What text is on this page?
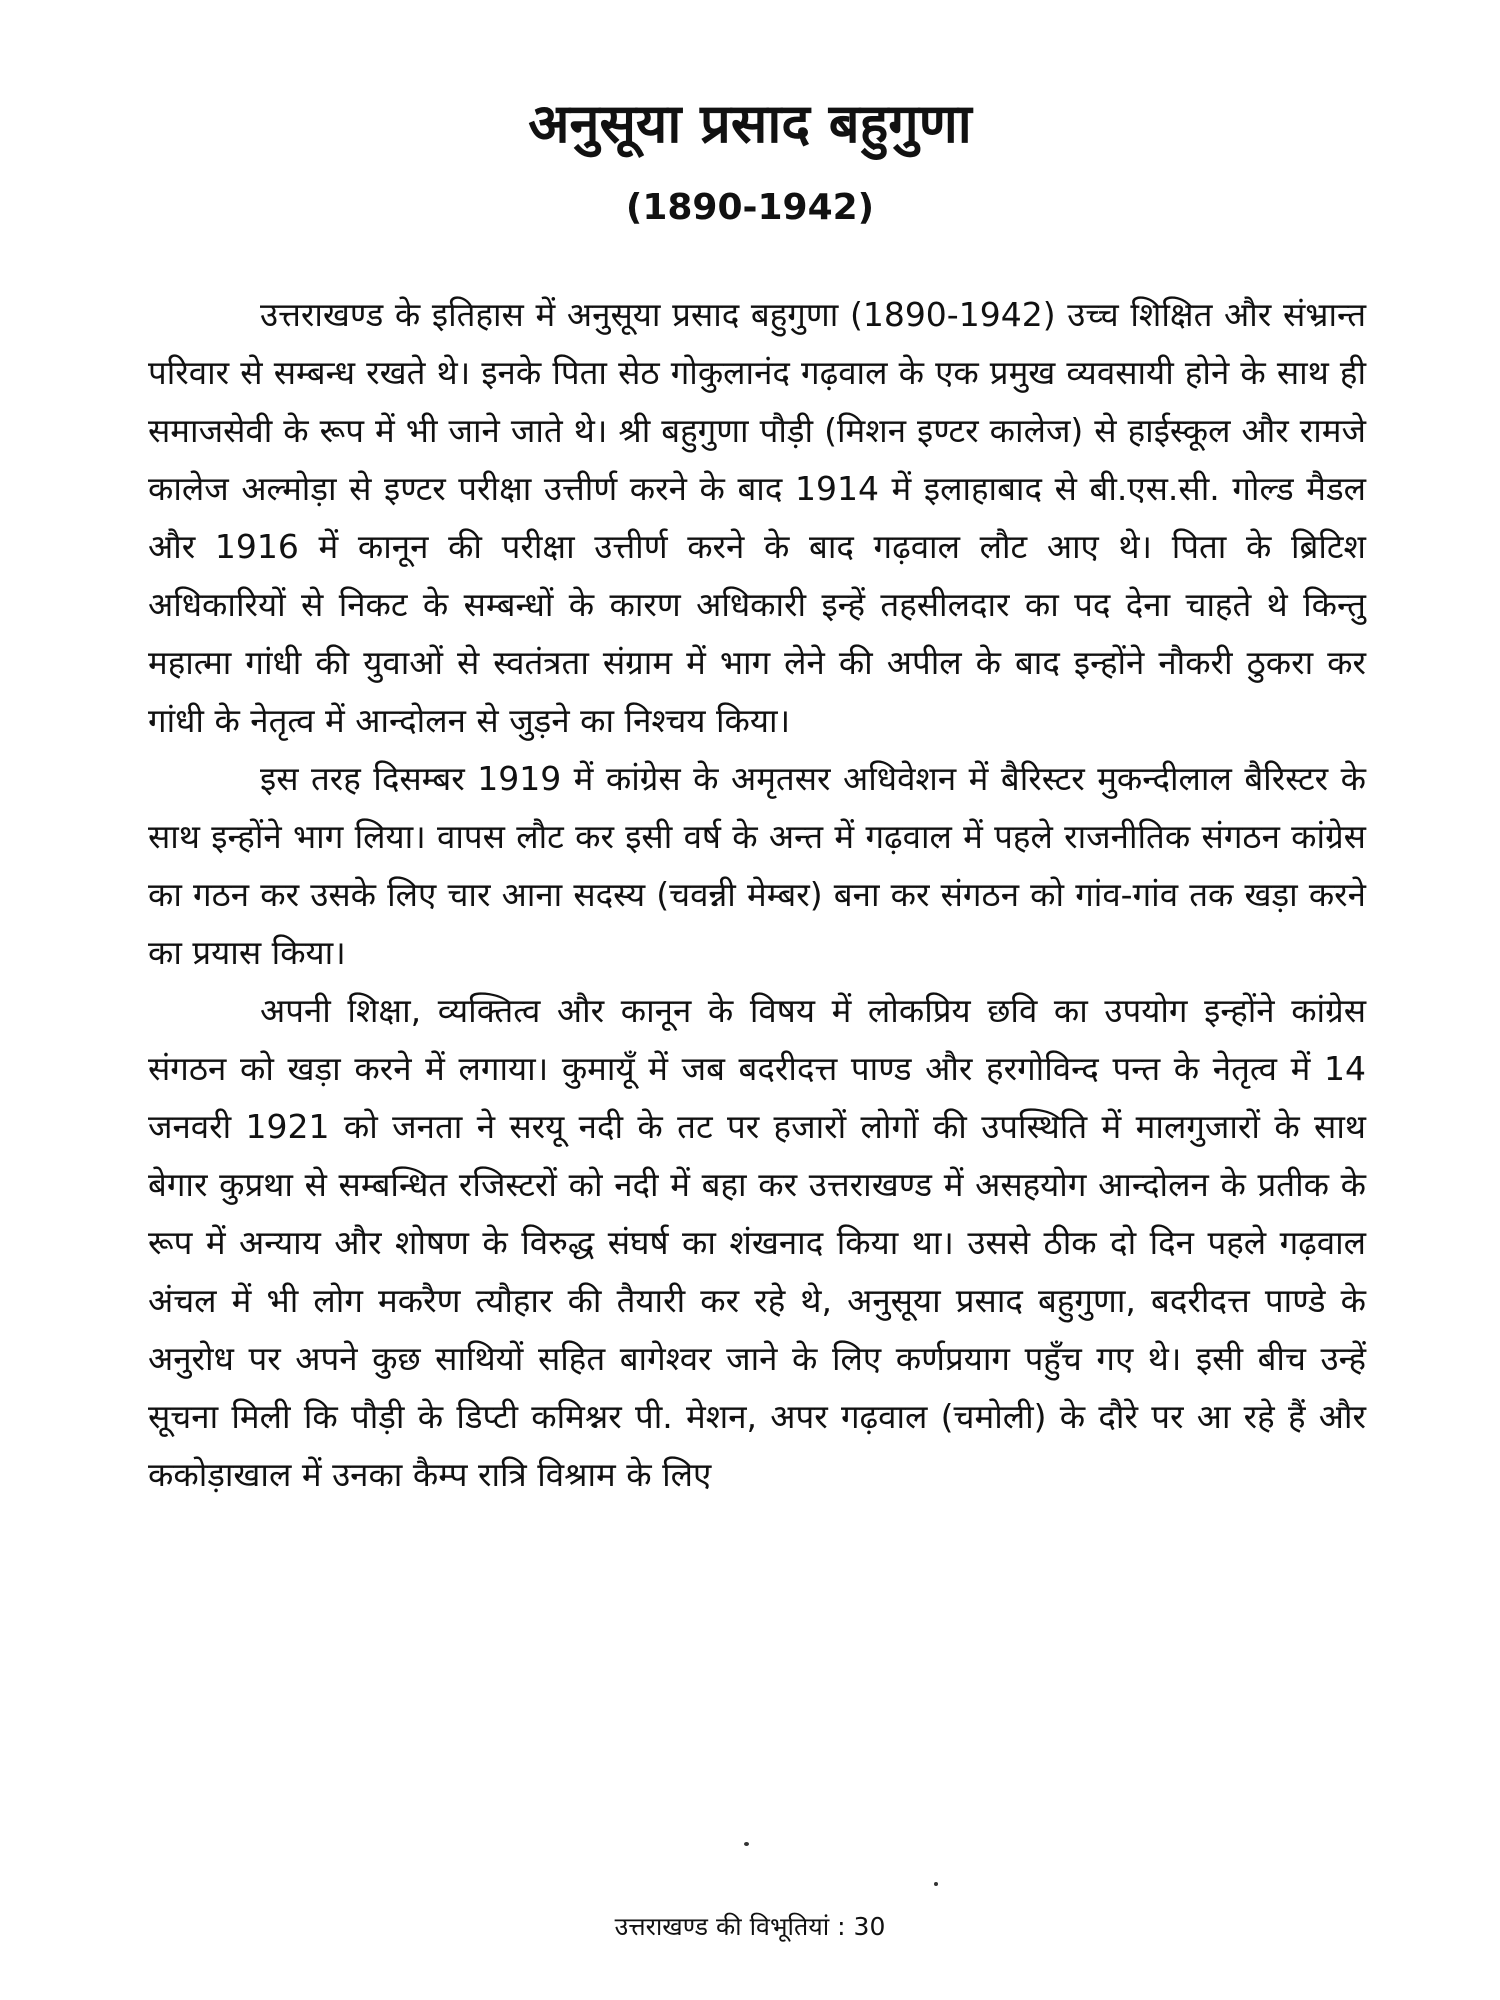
अनुसूया प्रसाद बहुगुणा
(1890-1942)

उत्तराखण्ड के इतिहास में अनुसूया प्रसाद बहुगुणा (1890-1942) उच्च शिक्षित और संभ्रान्त परिवार से सम्बन्ध रखते थे। इनके पिता सेठ गोकुलानंद गढ़वाल के एक प्रमुख व्यवसायी होने के साथ ही समाजसेवी के रूप में भी जाने जाते थे। श्री बहुगुणा पौड़ी (मिशन इण्टर कालेज) से हाईस्कूल और रामजे कालेज अल्मोड़ा से इण्टर परीक्षा उत्तीर्ण करने के बाद 1914 में इलाहाबाद से बी.एस.सी. गोल्ड मैडल और 1916 में कानून की परीक्षा उत्तीर्ण करने के बाद गढ़वाल लौट आए थे। पिता के ब्रिटिश अधिकारियों से निकट के सम्बन्धों के कारण अधिकारी इन्हें तहसीलदार का पद देना चाहते थे किन्तु महात्मा गांधी की युवाओं से स्वतंत्रता संग्राम में भाग लेने की अपील के बाद इन्होंने नौकरी ठुकरा कर गांधी के नेतृत्व में आन्दोलन से जुड़ने का निश्चय किया।

इस तरह दिसम्बर 1919 में कांग्रेस के अमृतसर अधिवेशन में बैरिस्टर मुकन्दीलाल बैरिस्टर के साथ इन्होंने भाग लिया। वापस लौट कर इसी वर्ष के अन्त में गढ़वाल में पहले राजनीतिक संगठन कांग्रेस का गठन कर उसके लिए चार आना सदस्य (चवन्नी मेम्बर) बना कर संगठन को गांव-गांव तक खड़ा करने का प्रयास किया।

अपनी शिक्षा, व्यक्तित्व और कानून के विषय में लोकप्रिय छवि का उपयोग इन्होंने कांग्रेस संगठन को खड़ा करने में लगाया। कुमायूँ में जब बदरीदत्त पाण्ड और हरगोविन्द पन्त के नेतृत्व में 14 जनवरी 1921 को जनता ने सरयू नदी के तट पर हजारों लोगों की उपस्थिति में मालगुजारों के साथ बेगार कुप्रथा से सम्बन्धित रजिस्टरों को नदी में बहा कर उत्तराखण्ड में असहयोग आन्दोलन के प्रतीक के रूप में अन्याय और शोषण के विरुद्ध संघर्ष का शंखनाद किया था। उससे ठीक दो दिन पहले गढ़वाल अंचल में भी लोग मकरैण त्यौहार की तैयारी कर रहे थे, अनुसूया प्रसाद बहुगुणा, बदरीदत्त पाण्डे के अनुरोध पर अपने कुछ साथियों सहित बागेश्वर जाने के लिए कर्णप्रयाग पहुँच गए थे। इसी बीच उन्हें सूचना मिली कि पौड़ी के डिप्टी कमिश्नर पी. मेशन, अपर गढ़वाल (चमोली) के दौरे पर आ रहे हैं और ककोड़ाखाल में उनका कैम्प रात्रि विश्राम के लिए

उत्तराखण्ड की विभूतियां : 30
